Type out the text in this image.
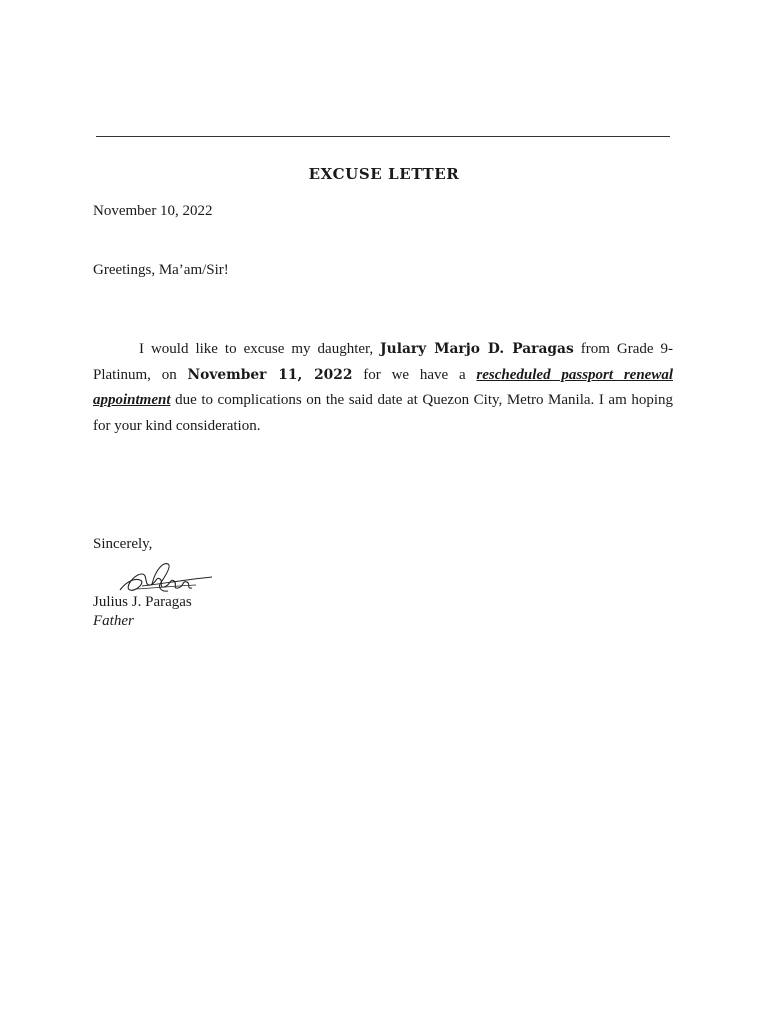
EXCUSE LETTER
November 10, 2022
Greetings, Ma’am/Sir!

I would like to excuse my daughter, Julary Marjo D. Paragas from Grade 9-Platinum, on November 11, 2022 for we have a rescheduled passport renewal appointment due to complications on the said date at Quezon City, Metro Manila. I am hoping for your kind consideration.

Sincerely,
Julius J. Paragas
Father
